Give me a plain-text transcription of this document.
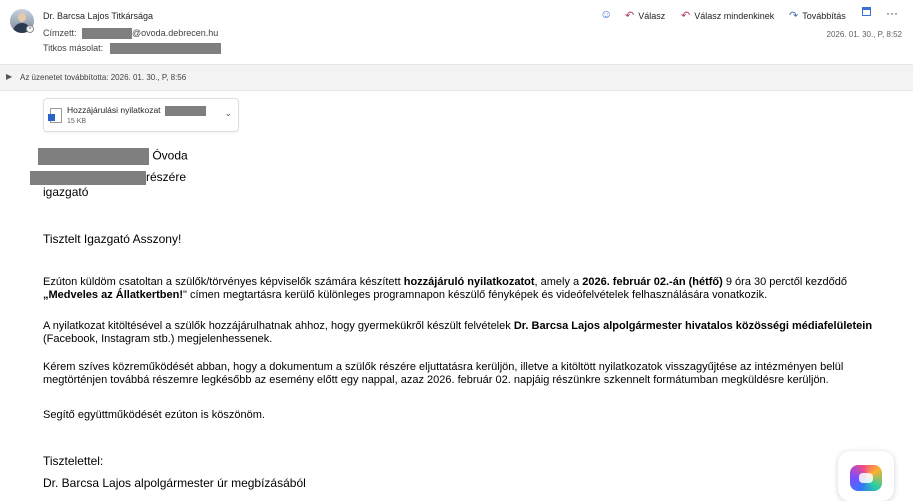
×
Dr. Barcsa Lajos Titkársága
Címzett:	@ovoda.debrecen.hu
Titkos másolat:
☺ ↶ Válasz ↶ Válasz mindenkinek ↷ Továbbítás	···
2026. 01. 30., P, 8:52
▶ Az üzenetet továbbította: 2026. 01. 30., P, 8:56
Hozzájárulási nyilatkozat
15 KB
⌄
Óvoda
részére
igazgató
Tisztelt Igazgató Asszony!
Ezúton küldöm csatoltan a szülők/törvényes képviselők számára készített hozzájáruló nyilatkozatot, amely a 2026. február 02.-án (hétfő) 9 óra 30 perctől kezdődő „Medveles az Állatkertben!" címen megtartásra kerülő különleges programnapon készülő fényképek és videófelvételek felhasználására vonatkozik.
A nyilatkozat kitöltésével a szülők hozzájárulhatnak ahhoz, hogy gyermekükről készült felvételek Dr. Barcsa Lajos alpolgármester hivatalos közösségi médiafelületein (Facebook, Instagram stb.) megjelenhessenek.
Kérem szíves közreműködését abban, hogy a dokumentum a szülők részére eljuttatásra kerüljön, illetve a kitöltött nyilatkozatok visszagyűjtése az intézményen belül megtörténjen továbbá részemre legkésőbb az esemény előtt egy nappal, azaz 2026. február 02. napjáig részünkre szkennelt formátumban megküldésre kerüljön.
Segítő együttműködését ezúton is köszönöm.
Tisztelettel:
Dr. Barcsa Lajos alpolgármester úr megbízásából
